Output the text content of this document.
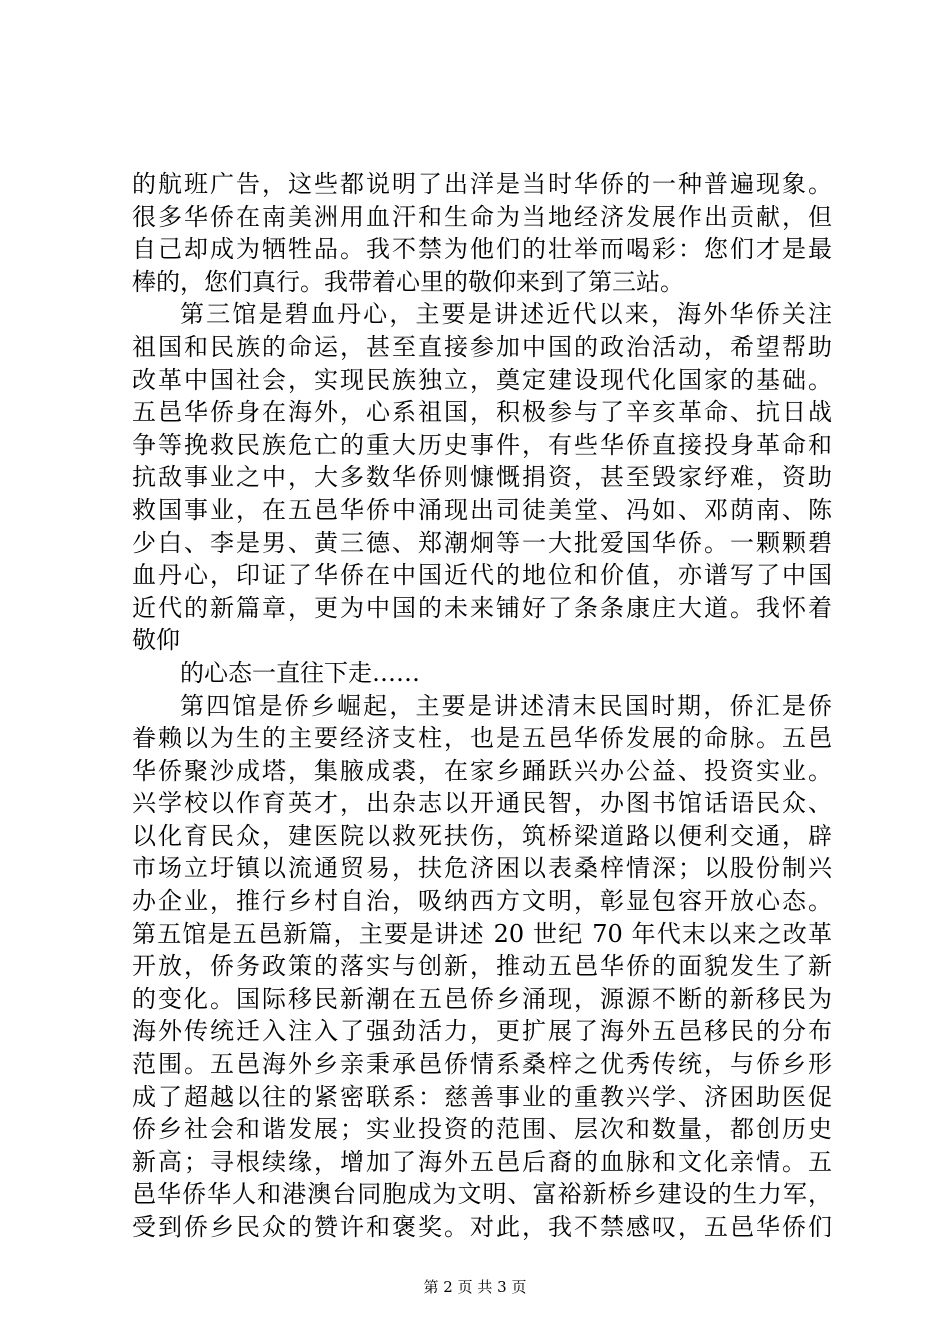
的航班广告，这些都说明了出洋是当时华侨的一种普遍现象。
很多华侨在南美洲用血汗和生命为当地经济发展作出贡献，但
自己却成为牺牲品。我不禁为他们的壮举而喝彩：您们才是最
棒的，您们真行。我带着心里的敬仰来到了第三站。
第三馆是碧血丹心，主要是讲述近代以来，海外华侨关注
祖国和民族的命运，甚至直接参加中国的政治活动，希望帮助
改革中国社会，实现民族独立，奠定建设现代化国家的基础。
五邑华侨身在海外，心系祖国，积极参与了辛亥革命、抗日战
争等挽救民族危亡的重大历史事件，有些华侨直接投身革命和
抗敌事业之中，大多数华侨则慷慨捐资，甚至毁家纾难，资助
救国事业，在五邑华侨中涌现出司徒美堂、冯如、邓荫南、陈
少白、李是男、黄三德、郑潮炯等一大批爱国华侨。一颗颗碧
血丹心，印证了华侨在中国近代的地位和价值，亦谱写了中国
近代的新篇章，更为中国的未来铺好了条条康庄大道。我怀着
敬仰
的心态一直往下走……
第四馆是侨乡崛起，主要是讲述清末民国时期，侨汇是侨
眷赖以为生的主要经济支柱，也是五邑华侨发展的命脉。五邑
华侨聚沙成塔，集腋成裘，在家乡踊跃兴办公益、投资实业。
兴学校以作育英才，出杂志以开通民智，办图书馆话语民众、
以化育民众，建医院以救死扶伤，筑桥梁道路以便利交通，辟
市场立圩镇以流通贸易，扶危济困以表桑梓情深；以股份制兴
办企业，推行乡村自治，吸纳西方文明，彰显包容开放心态。
第五馆是五邑新篇，主要是讲述 20 世纪 70 年代末以来之改革
开放，侨务政策的落实与创新，推动五邑华侨的面貌发生了新
的变化。国际移民新潮在五邑侨乡涌现，源源不断的新移民为
海外传统迁入注入了强劲活力，更扩展了海外五邑移民的分布
范围。五邑海外乡亲秉承邑侨情系桑梓之优秀传统，与侨乡形
成了超越以往的紧密联系：慈善事业的重教兴学、济困助医促
侨乡社会和谐发展；实业投资的范围、层次和数量，都创历史
新高；寻根续缘，增加了海外五邑后裔的血脉和文化亲情。五
邑华侨华人和港澳台同胞成为文明、富裕新桥乡建设的生力军，
受到侨乡民众的赞许和褒奖。对此，我不禁感叹，五邑华侨们
第 2 页 共 3 页
